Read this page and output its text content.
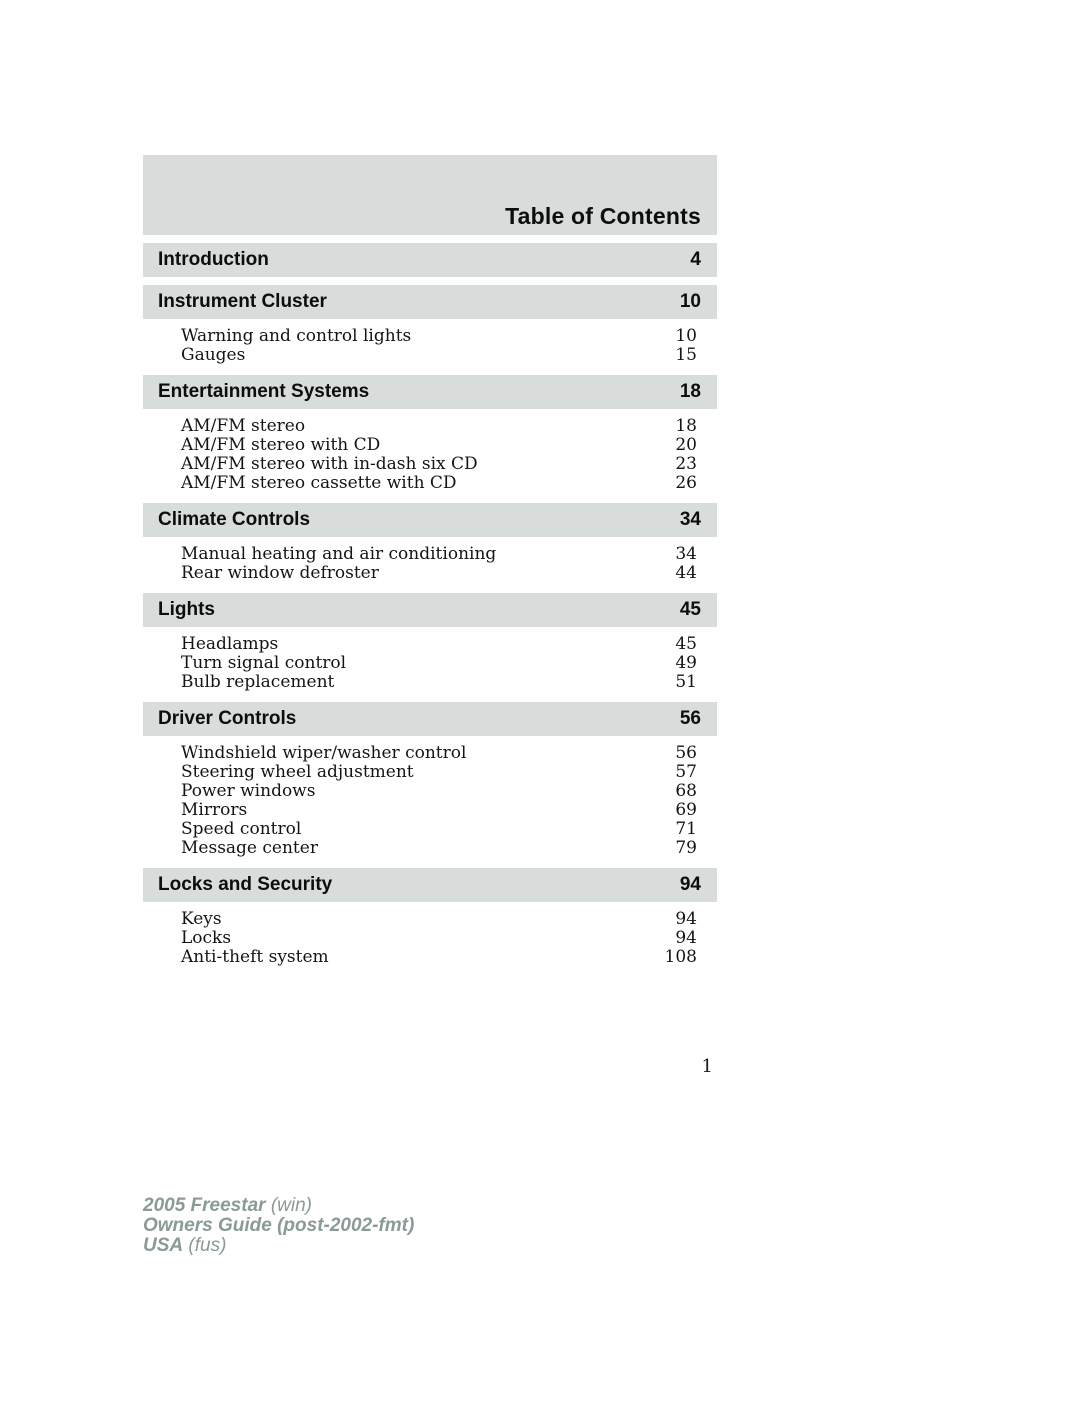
Table of Contents
Introduction	4
Instrument Cluster	10
Warning and control lights	10
Gauges	15
Entertainment Systems	18
AM/FM stereo	18
AM/FM stereo with CD	20
AM/FM stereo with in-dash six CD	23
AM/FM stereo cassette with CD	26
Climate Controls	34
Manual heating and air conditioning	34
Rear window defroster	44
Lights	45
Headlamps	45
Turn signal control	49
Bulb replacement	51
Driver Controls	56
Windshield wiper/washer control	56
Steering wheel adjustment	57
Power windows	68
Mirrors	69
Speed control	71
Message center	79
Locks and Security	94
Keys	94
Locks	94
Anti-theft system	108
1
2005 Freestar (win)
Owners Guide (post-2002-fmt)
USA (fus)
